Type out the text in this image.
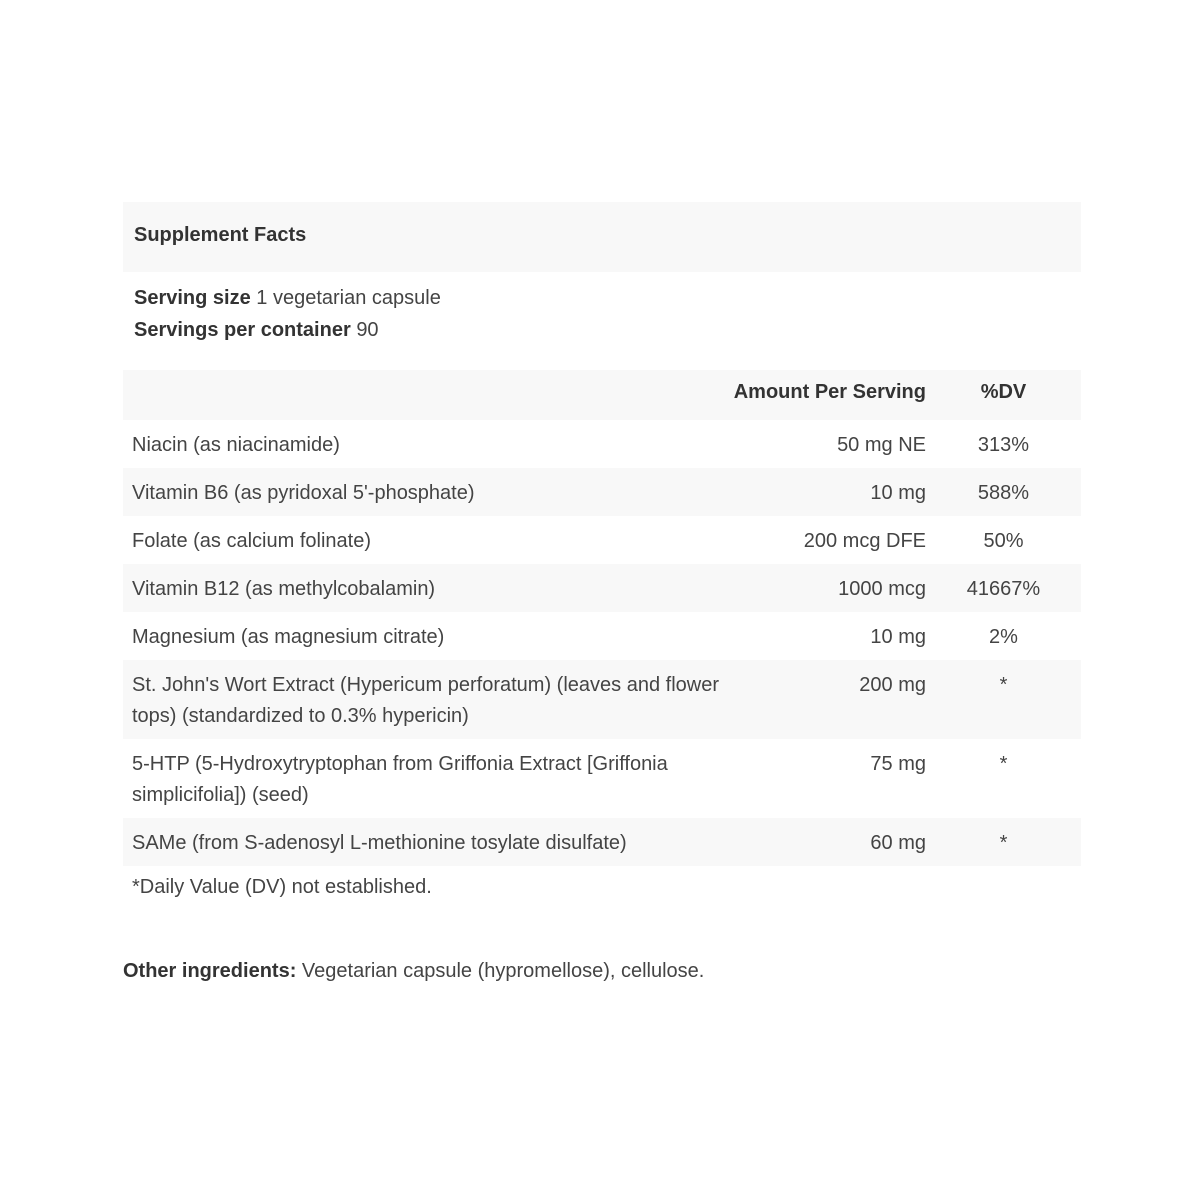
Supplement Facts
Serving size 1 vegetarian capsule
Servings per container 90
	Amount Per Serving	%DV
Niacin (as niacinamide)	50 mg NE	313%
Vitamin B6 (as pyridoxal 5'-phosphate)	10 mg	588%
Folate (as calcium folinate)	200 mcg DFE	50%
Vitamin B12 (as methylcobalamin)	1000 mcg	41667%
Magnesium (as magnesium citrate)	10 mg	2%
St. John's Wort Extract (Hypericum perforatum) (leaves and flower tops) (standardized to 0.3% hypericin)	200 mg	*
5-HTP (5-Hydroxytryptophan from Griffonia Extract [Griffonia simplicifolia]) (seed)	75 mg	*
SAMe (from S-adenosyl L-methionine tosylate disulfate)	60 mg	*
*Daily Value (DV) not established.
Other ingredients: Vegetarian capsule (hypromellose), cellulose.
